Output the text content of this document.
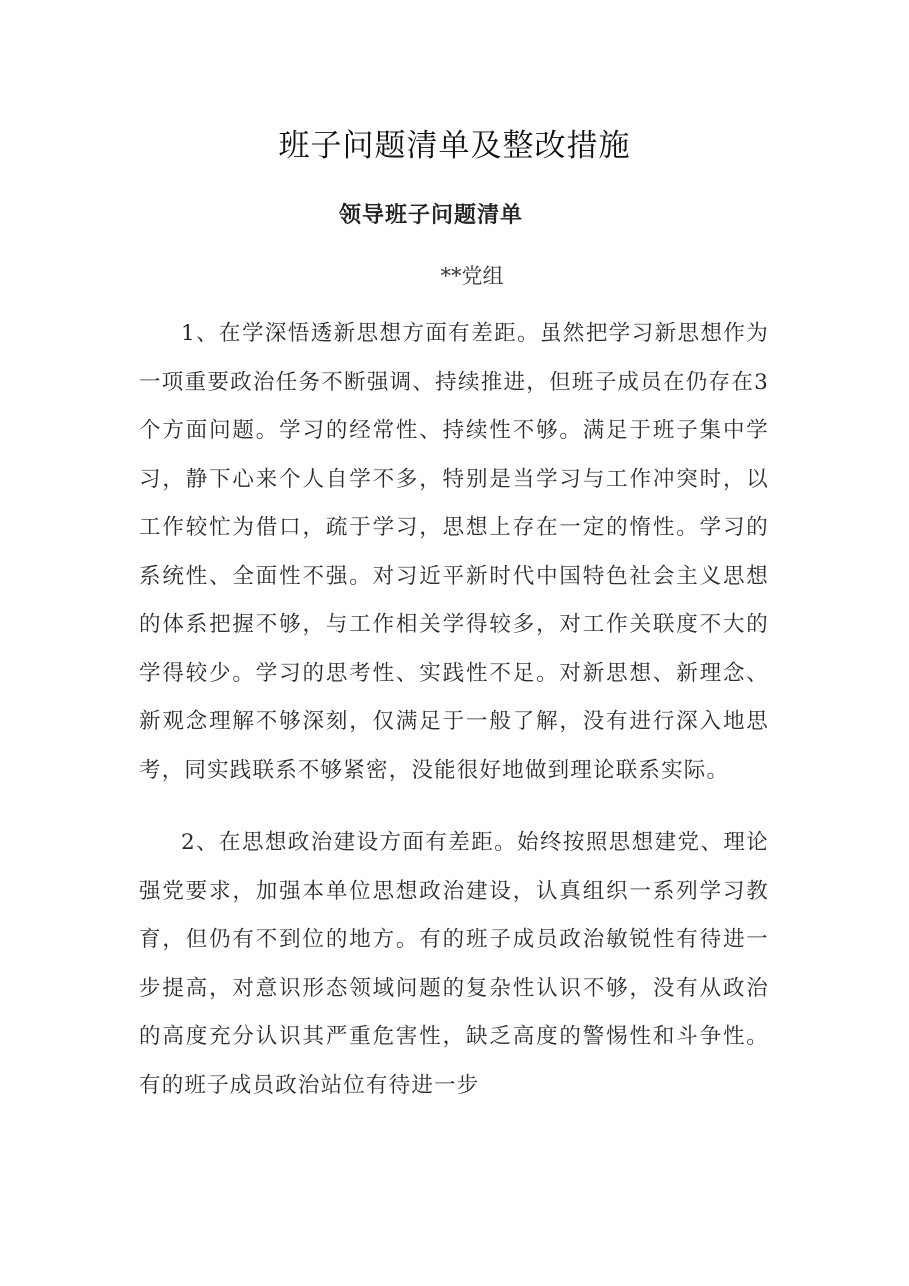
班子问题清单及整改措施
领导班子问题清单
**党组

1、在学深悟透新思想方面有差距。虽然把学习新思想作为一项重要政治任务不断强调、持续推进，但班子成员在仍存在3个方面问题。学习的经常性、持续性不够。满足于班子集中学习，静下心来个人自学不多，特别是当学习与工作冲突时，以工作较忙为借口，疏于学习，思想上存在一定的惰性。学习的系统性、全面性不强。对习近平新时代中国特色社会主义思想的体系把握不够，与工作相关学得较多，对工作关联度不大的学得较少。学习的思考性、实践性不足。对新思想、新理念、新观念理解不够深刻，仅满足于一般了解，没有进行深入地思考，同实践联系不够紧密，没能很好地做到理论联系实际。

2、在思想政治建设方面有差距。始终按照思想建党、理论强党要求，加强本单位思想政治建设，认真组织一系列学习教育，但仍有不到位的地方。有的班子成员政治敏锐性有待进一步提高，对意识形态领域问题的复杂性认识不够，没有从政治的高度充分认识其严重危害性，缺乏高度的警惕性和斗争性。有的班子成员政治站位有待进一步
